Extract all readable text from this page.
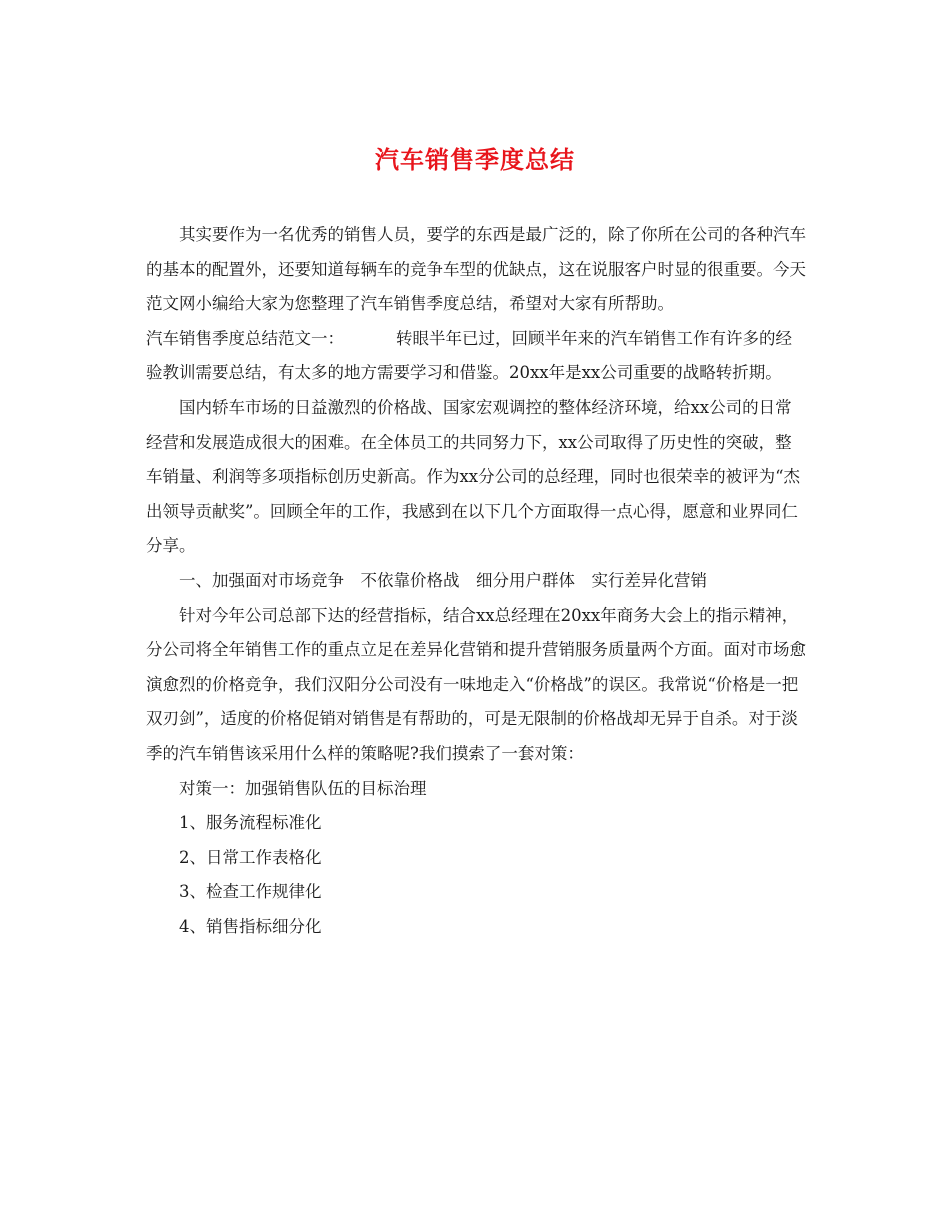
汽车销售季度总结

其实要作为一名优秀的销售人员，要学的东西是最广泛的，除了你所在公司的各种汽车的基本的配置外，还要知道每辆车的竞争车型的优缺点，这在说服客户时显的很重要。今天范文网小编给大家为您整理了汽车销售季度总结，希望对大家有所帮助。

汽车销售季度总结范文一：	转眼半年已过，回顾半年来的汽车销售工作有许多的经验教训需要总结，有太多的地方需要学习和借鉴。20xx年是xx公司重要的战略转折期。

国内轿车市场的日益激烈的价格战、国家宏观调控的整体经济环境，给xx公司的日常经营和发展造成很大的困难。在全体员工的共同努力下，xx公司取得了历史性的突破，整车销量、利润等多项指标创历史新高。作为xx分公司的总经理，同时也很荣幸的被评为“杰出领导贡献奖”。回顾全年的工作，我感到在以下几个方面取得一点心得，愿意和业界同仁分享。

一、加强面对市场竞争　不依靠价格战　细分用户群体　实行差异化营销

针对今年公司总部下达的经营指标，结合xx总经理在20xx年商务大会上的指示精神，分公司将全年销售工作的重点立足在差异化营销和提升营销服务质量两个方面。面对市场愈演愈烈的价格竞争，我们汉阳分公司没有一味地走入“价格战”的误区。我常说“价格是一把双刃剑”，适度的价格促销对销售是有帮助的，可是无限制的价格战却无异于自杀。对于淡季的汽车销售该采用什么样的策略呢?我们摸索了一套对策：

对策一：加强销售队伍的目标治理

1、服务流程标准化

2、日常工作表格化

3、检查工作规律化

4、销售指标细分化
